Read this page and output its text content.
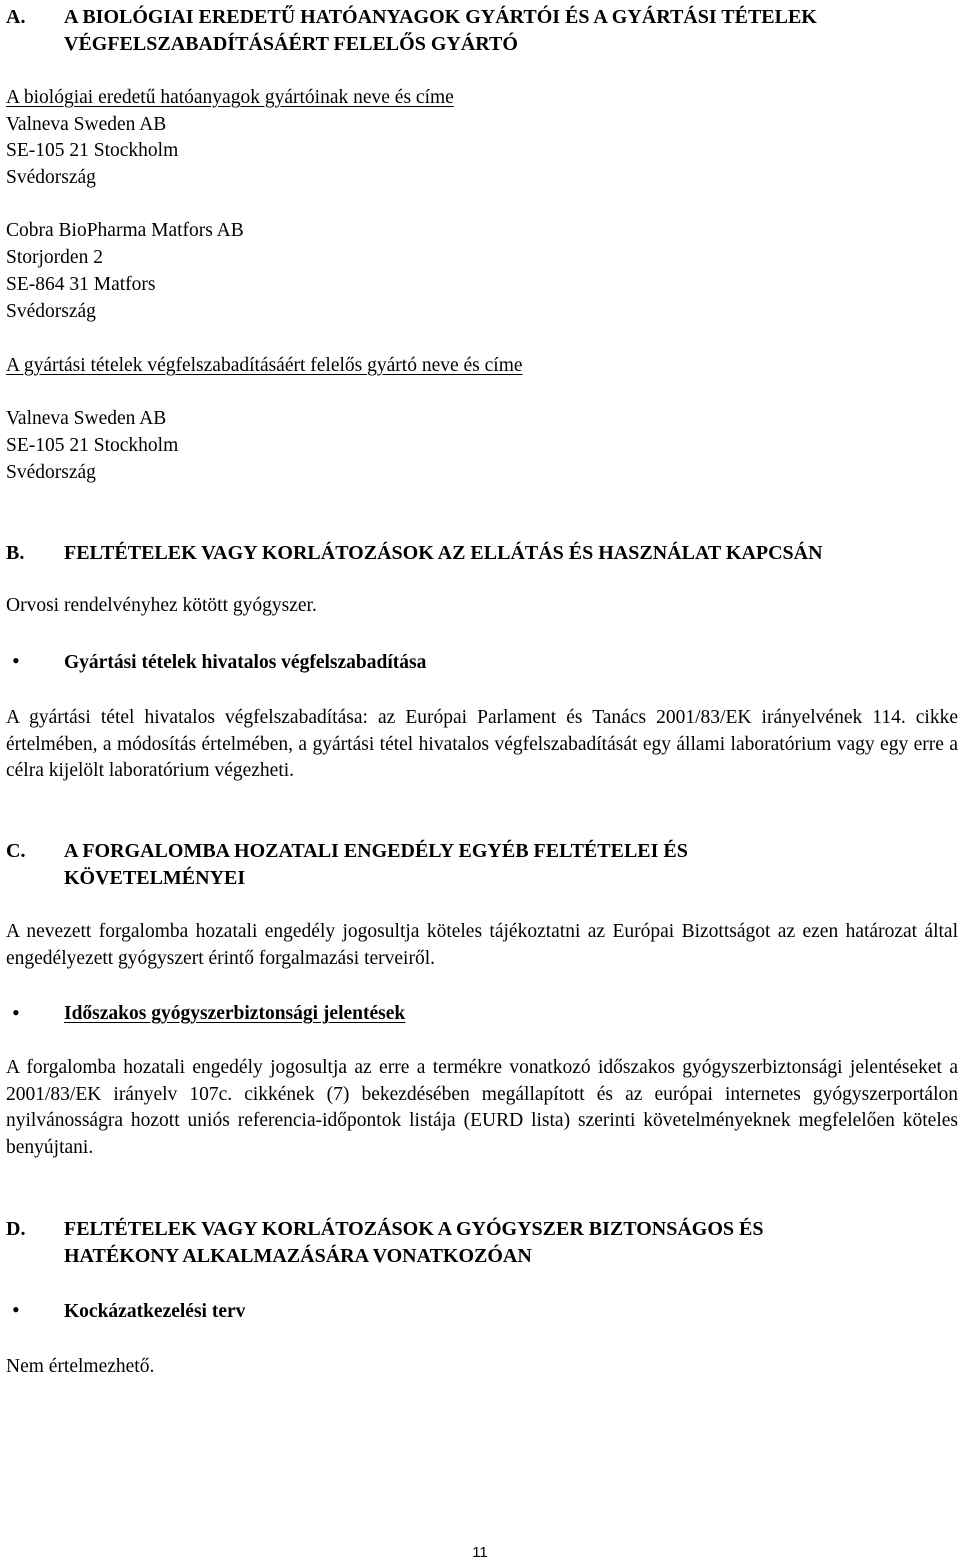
A. A BIOLÓGIAI EREDETŰ HATÓANYAGOK GYÁRTÓI ÉS A GYÁRTÁSI TÉTELEK
VÉGFELSZABADÍTÁSÁÉRT FELELŐS GYÁRTÓ
A biológiai eredetű hatóanyagok gyártóinak neve és címe
Valneva Sweden AB
SE-105 21 Stockholm
Svédország
Cobra BioPharma Matfors AB
Storjorden 2
SE-864 31 Matfors
Svédország
A gyártási tételek végfelszabadításáért felelős gyártó neve és címe
Valneva Sweden AB
SE-105 21 Stockholm
Svédország
B. FELTÉTELEK VAGY KORLÁTOZÁSOK AZ ELLÁTÁS ÉS HASZNÁLAT KAPCSÁN
Orvosi rendelvényhez kötött gyógyszer.
• Gyártási tételek hivatalos végfelszabadítása
A gyártási tétel hivatalos végfelszabadítása: az Európai Parlament és Tanács 2001/83/EK irányelvének 114. cikke értelmében, a módosítás értelmében, a gyártási tétel hivatalos végfelszabadítását egy állami laboratórium vagy egy erre a célra kijelölt laboratórium végezheti.
C. A FORGALOMBA HOZATALI ENGEDÉLY EGYÉB FELTÉTELEI ÉS
KÖVETELMÉNYEI
A nevezett forgalomba hozatali engedély jogosultja köteles tájékoztatni az Európai Bizottságot az ezen határozat által engedélyezett gyógyszert érintő forgalmazási terveiről.
• Időszakos gyógyszerbiztonsági jelentések
A forgalomba hozatali engedély jogosultja az erre a termékre vonatkozó időszakos gyógyszerbiztonsági jelentéseket a 2001/83/EK irányelv 107c. cikkének (7) bekezdésében megállapított és az európai internetes gyógyszerportálon nyilvánosságra hozott uniós referencia-időpontok listája (EURD lista) szerinti követelményeknek megfelelően köteles benyújtani.
D. FELTÉTELEK VAGY KORLÁTOZÁSOK A GYÓGYSZER BIZTONSÁGOS ÉS
HATÉKONY ALKALMAZÁSÁRA VONATKOZÓAN
• Kockázatkezelési terv
Nem értelmezhető.
11
